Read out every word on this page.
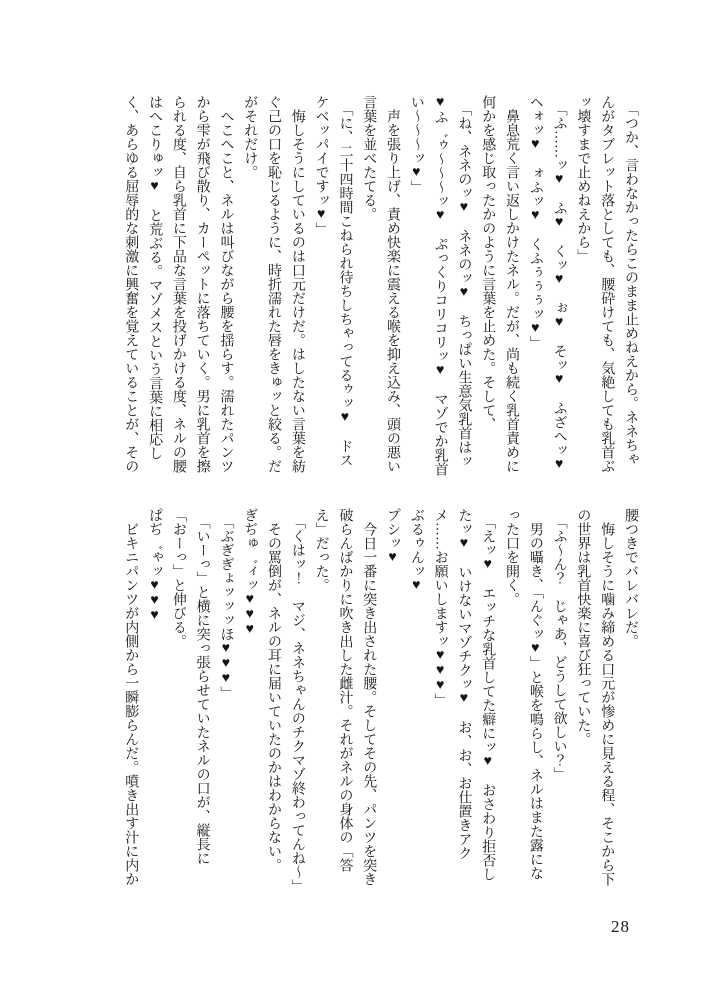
「つか、言わなかったらこのまま止めねえから。ネネちゃんがタブレット落としても、腰砕けても、気絶しても乳首ぶッ壊すまで止めねえから」

「ふ……ッ♥　ふ♥　くッ♥　ぉ♥　そッ♥　ふざへッ♥　ヘォッ♥　ォふッ♥　くふぅぅぅッ♥」

鼻息荒く言い返しかけたネル。だが、尚も続く乳首責めに何かを感じ取ったかのように言葉を止めた。そして、

「ね、ネネのッ♥　ネネのッ♥　ちっぱい生意気乳首はッ♥ふ゛ゥ～～～ッ♥　ぷっくりコリコリッ♥　マゾでか乳首い～～～ッ♥」

声を張り上げ、責め快楽に震える喉を抑え込み、頭の悪い言葉を並べたてる。

「に、二十四時間こねられ待ちしちゃってるゥッ♥　ドスケベッパイですッ♥」

悔しそうにしているのは口元だけだ。はしたない言葉を紡ぐ己の口を恥じるように、時折濡れた唇をきゅッと絞る。だがそれだけ。

へこへこと、ネルは叫びながら腰を揺らす。濡れたパンツから雫が飛び散り、カーペットに落ちていく。男に乳首を擦られる度、自ら乳首に下品な言葉を投げかける度、ネルの腰はへこりゅッ♥　と荒ぶる。マゾメスという言葉に相応しく、あらゆる屈辱的な刺激に興奮を覚えていることが、その

腰つきでバレバレだ。

悔しそうに噛み締める口元が惨めに見える程、そこから下の世界は乳首快楽に喜び狂っていた。

「ふ～ん？　じゃあ、どうして欲しい？」

男の囁き、「んぐッ♥」と喉を鳴らし、ネルはまた露になった口を開く。

「えッ♥　エッチな乳首してた癖にッ♥　おさわり拒否したッ♥　いけないマゾチクッ♥　お、お、お仕置きアクメ……お願いしますッ♥♥♥」

ぶるゥんッ♥

プシッ♥

今日一番に突き出された腰。そしてその先、パンツを突き破らんばかりに吹き出した雌汁。それがネルの身体の「答え」だった。

「くはッ！　マジ、ネネちゃんのチクマゾ終わってんね～」

その罵倒が、ネルの耳に届いていたのかはわからない。

ぎぢゅ゛ィッ♥♥♥

「ぶぎぎょッッッほ♥♥♥」

「いーっ」と横に突っ張らせていたネルの口が、縦長に「おーっ」と伸びる。

ぱぢ゛ゃッ♥♥♥

ビキニパンツが内側から一瞬膨らんだ。噴き出す汁に内か

28
